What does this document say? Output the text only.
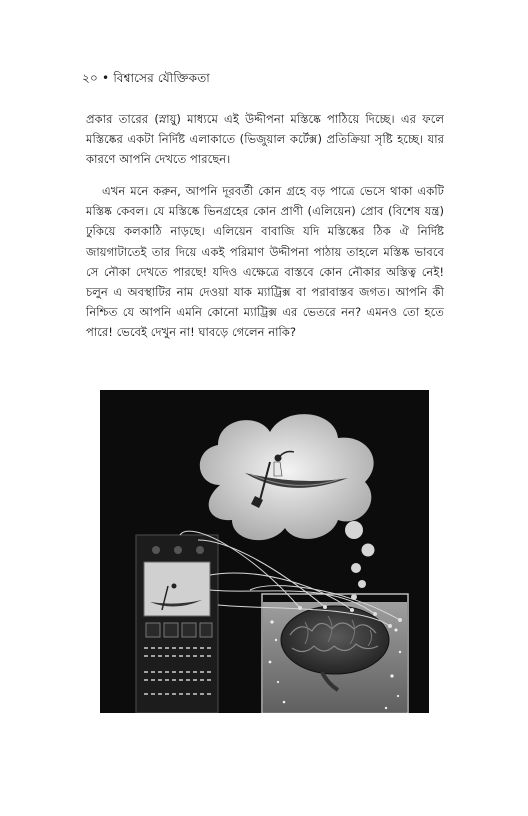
২০ • বিশ্বাসের যৌক্তিকতা

প্রকার তারের (স্নায়ু) মাধ্যমে এই উদ্দীপনা মস্তিষ্কে পাঠিয়ে দিচ্ছে। এর ফলে মস্তিষ্কের একটা নির্দিষ্ট এলাকাতে (ভিজুয়াল কর্টেক্স) প্রতিক্রিয়া সৃষ্টি হচ্ছে। যার কারণে আপনি দেখতে পারছেন।

এখন মনে করুন, আপনি দূরবর্তী কোন গ্রহে বড় পাত্রে ভেসে থাকা একটি মস্তিষ্ক কেবল। যে মস্তিষ্কে ভিনগ্রহের কোন প্রাণী (এলিয়েন) প্রোব (বিশেষ যন্ত্র) ঢুকিয়ে কলকাঠি নাড়ছে। এলিয়েন বাবাজি যদি মস্তিষ্কের ঠিক ঐ নির্দিষ্ট জায়গাটাতেই তার দিয়ে একই পরিমাণ উদ্দীপনা পাঠায় তাহলে মস্তিষ্ক ভাববে সে নৌকা দেখতে পারছে! যদিও এক্ষেত্রে বাস্তবে কোন নৌকার অস্তিত্ব নেই! চলুন এ অবস্থাটির নাম দেওয়া যাক ম্যাট্রিক্স বা পরাবাস্তব জগত। আপনি কী নিশ্চিত যে আপনি এমনি কোনো ম্যাট্রিক্স এর ভেতরে নন? এমনও তো হতে পারে! ভেবেই দেখুন না! ঘাবড়ে গেলেন নাকি?
